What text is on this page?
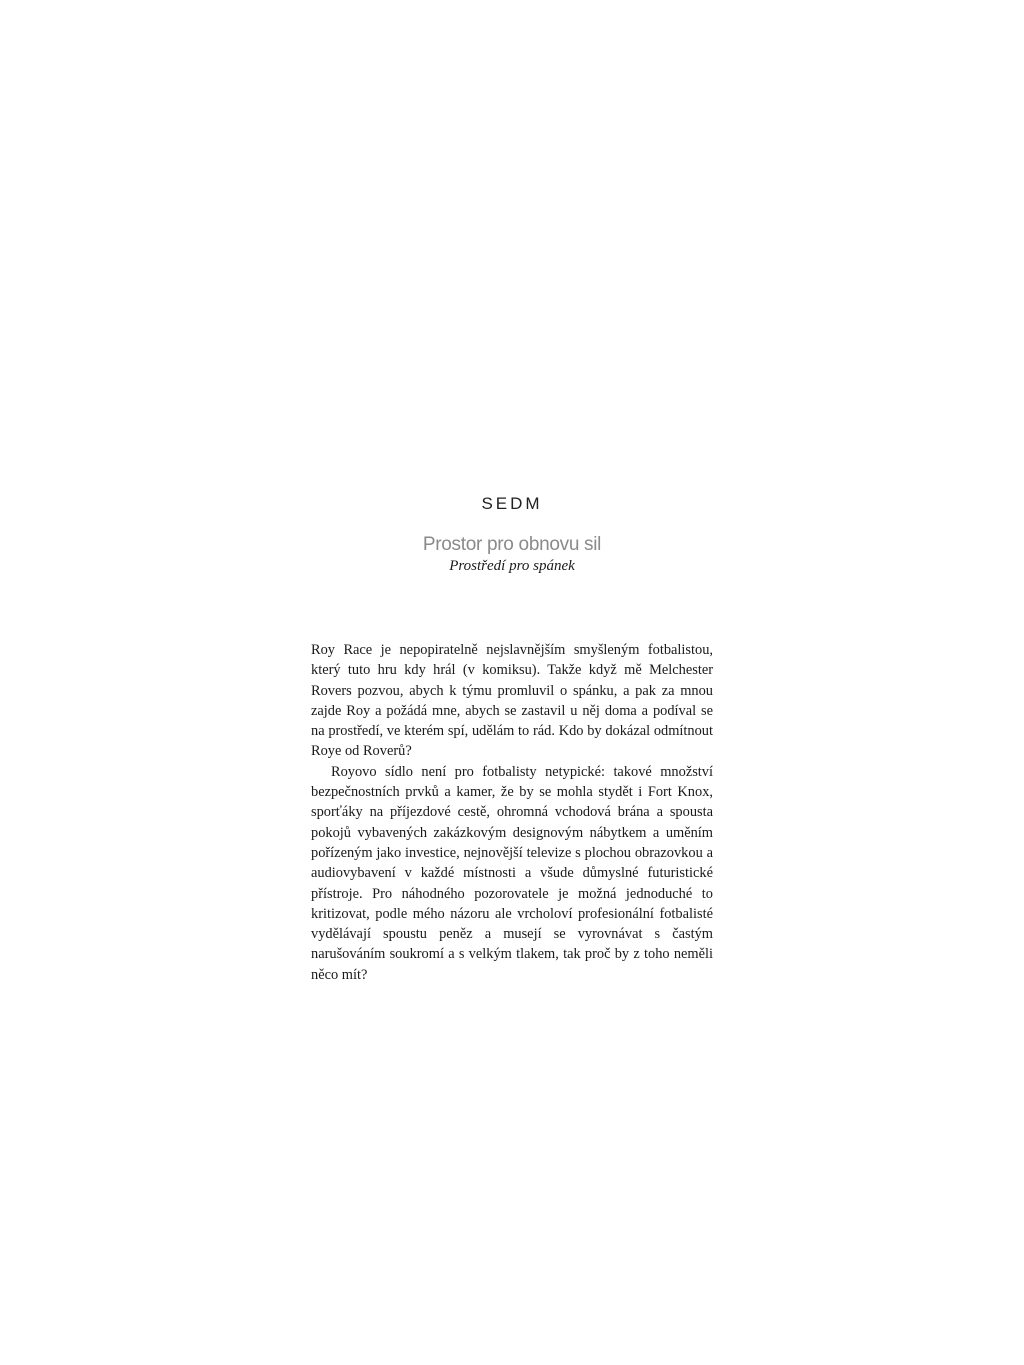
SEDM
Prostor pro obnovu sil
Prostředí pro spánek

Roy Race je nepopiratelně nejslavnějším smyšleným fotbalistou, který tuto hru kdy hrál (v komiksu). Takže když mě Melchester Rovers pozvou, abych k týmu promluvil o spánku, a pak za mnou zajde Roy a požádá mne, abych se zastavil u něj doma a podíval se na prostředí, ve kterém spí, udělám to rád. Kdo by dokázal odmítnout Roye od Roverů?

Royovo sídlo není pro fotbalisty netypické: takové množství bezpečnostních prvků a kamer, že by se mohla stydět i Fort Knox, sporťáky na příjezdové cestě, ohromná vchodová brána a spousta pokojů vybavených zakázkovým designovým nábytkem a uměním pořízeným jako investice, nejnovější televize s plochou obrazovkou a audiovybavení v každé místnosti a všude důmyslné futuristické přístroje. Pro náhodného pozorovatele je možná jednoduché to kritizovat, podle mého názoru ale vrcholoví profesionální fotbalisté vydělávají spoustu peněz a musejí se vyrovnávat s častým narušováním soukromí a s velkým tlakem, tak proč by z toho neměli něco mít?
